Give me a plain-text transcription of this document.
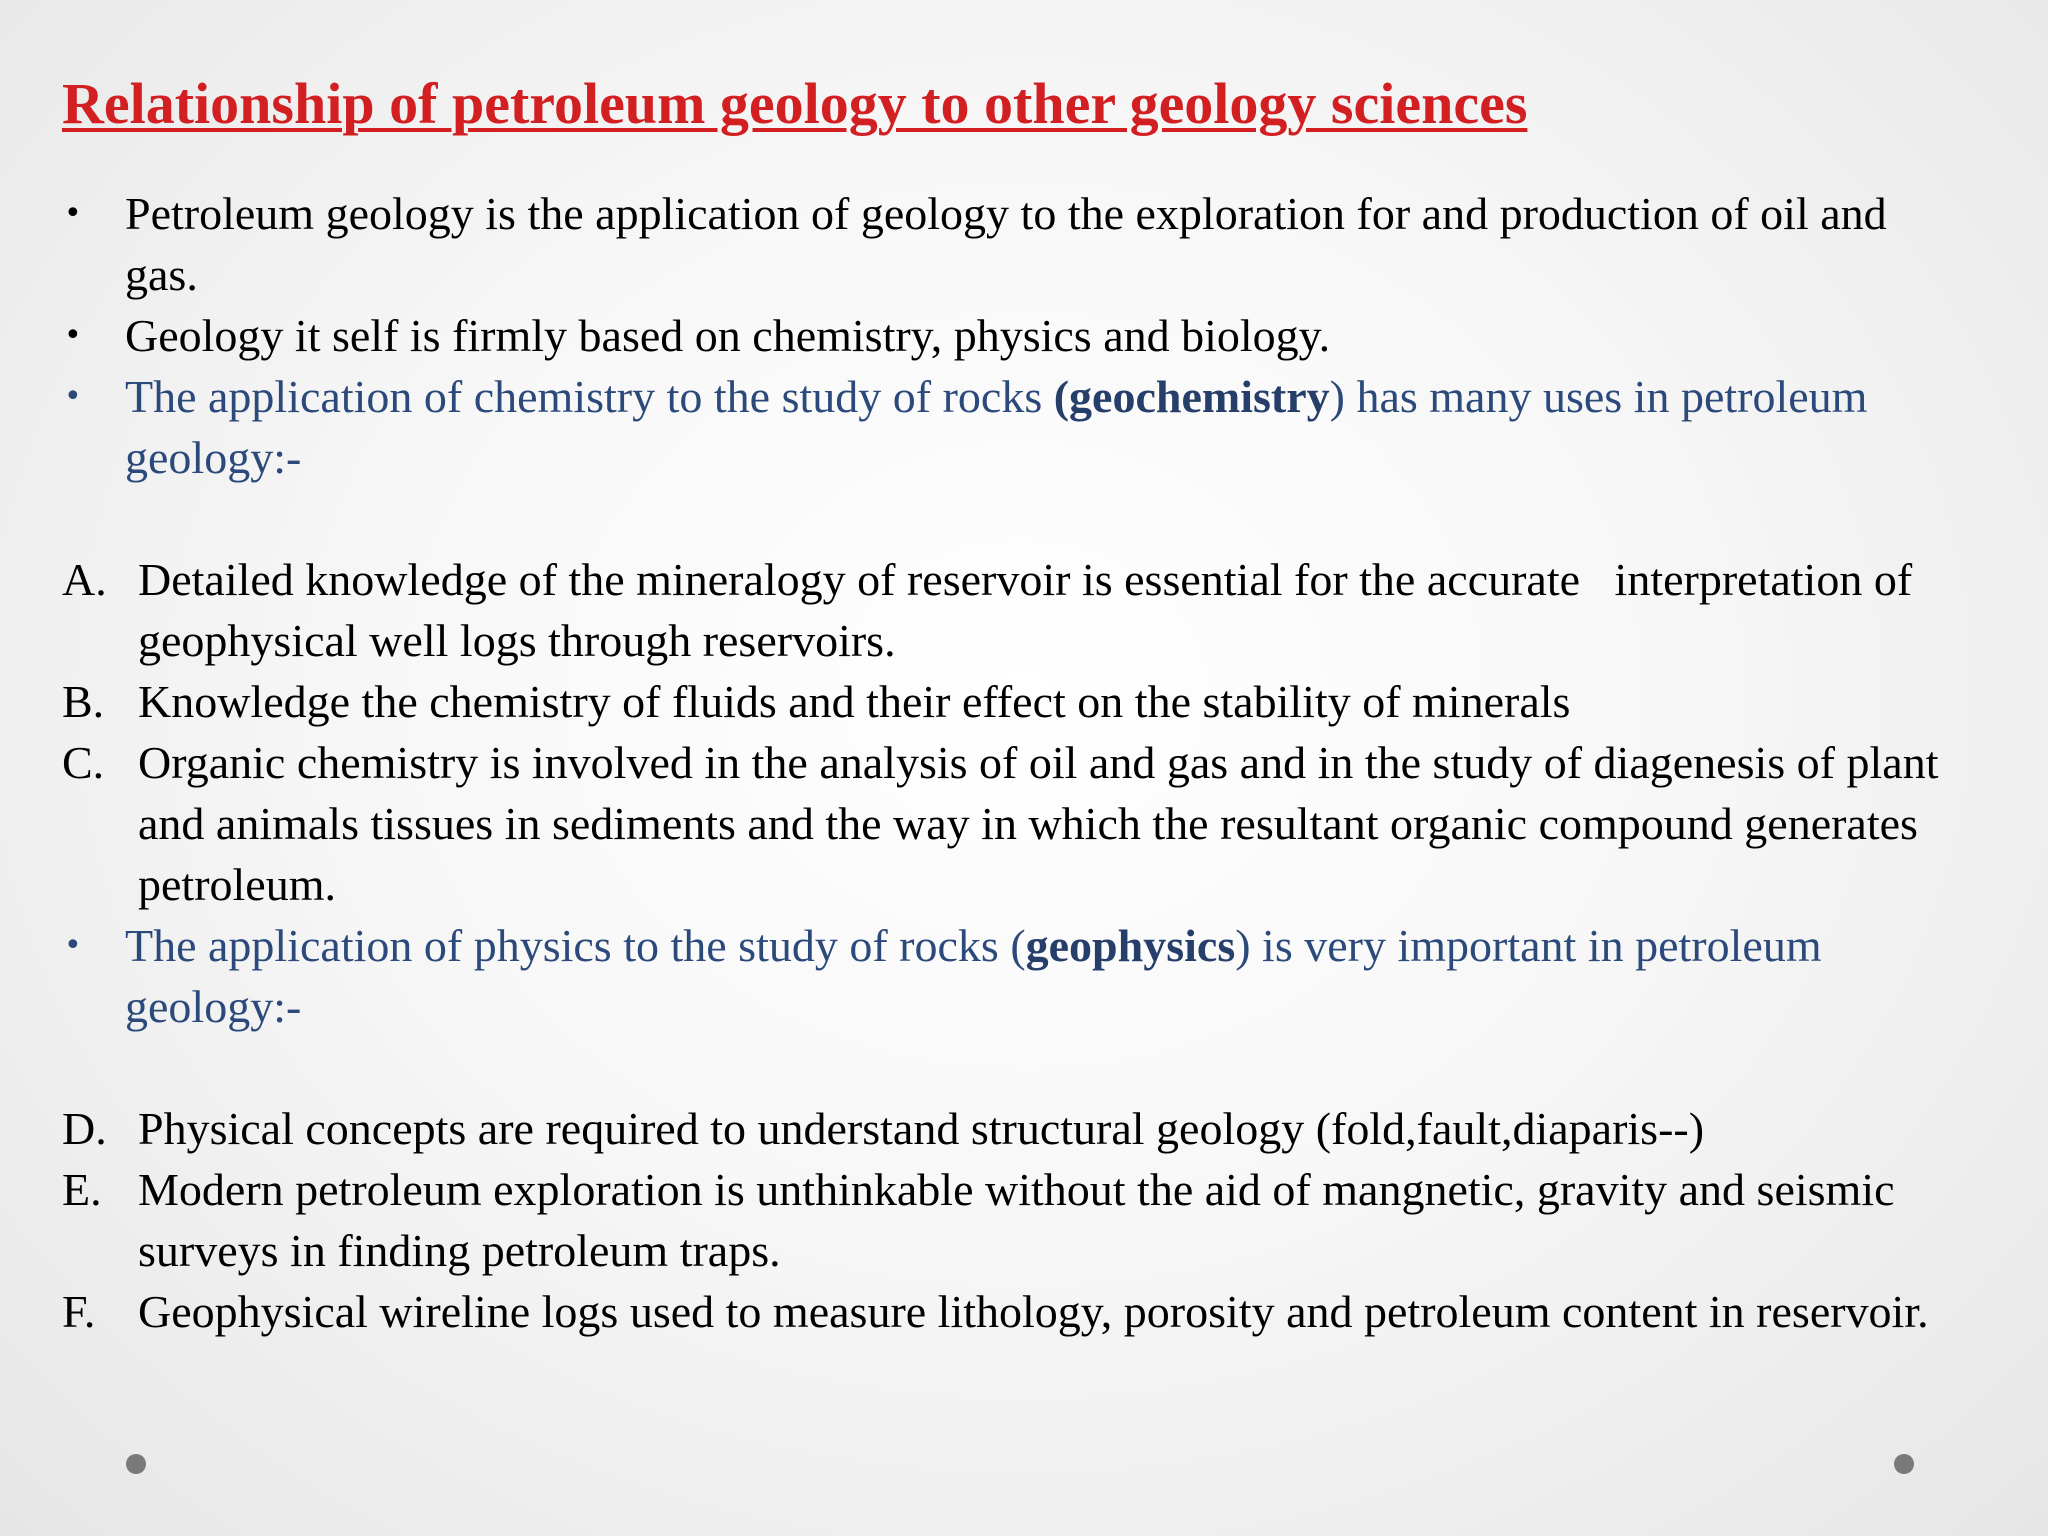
Relationship of petroleum geology to other geology sciences
• Petroleum geology is the application of geology to the exploration for and production of oil and gas.
• Geology it self is firmly based on chemistry, physics and biology.
• The application of chemistry to the study of rocks (geochemistry) has many uses in petroleum geology:-
A. Detailed knowledge of the mineralogy of reservoir is essential for the accurate   interpretation of geophysical well logs through reservoirs.
B. Knowledge the chemistry of fluids and their effect on the stability of minerals
C. Organic chemistry is involved in the analysis of oil and gas and in the study of diagenesis of plant and animals tissues in sediments and the way in which the resultant organic compound generates petroleum.
• The application of physics to the study of rocks (geophysics) is very important in petroleum geology:-
D. Physical concepts are required to understand structural geology (fold,fault,diaparis--)
E. Modern petroleum exploration is unthinkable without the aid of mangnetic, gravity and seismic surveys in finding petroleum traps.
F. Geophysical wireline logs used to measure lithology, porosity and petroleum content in reservoir.
